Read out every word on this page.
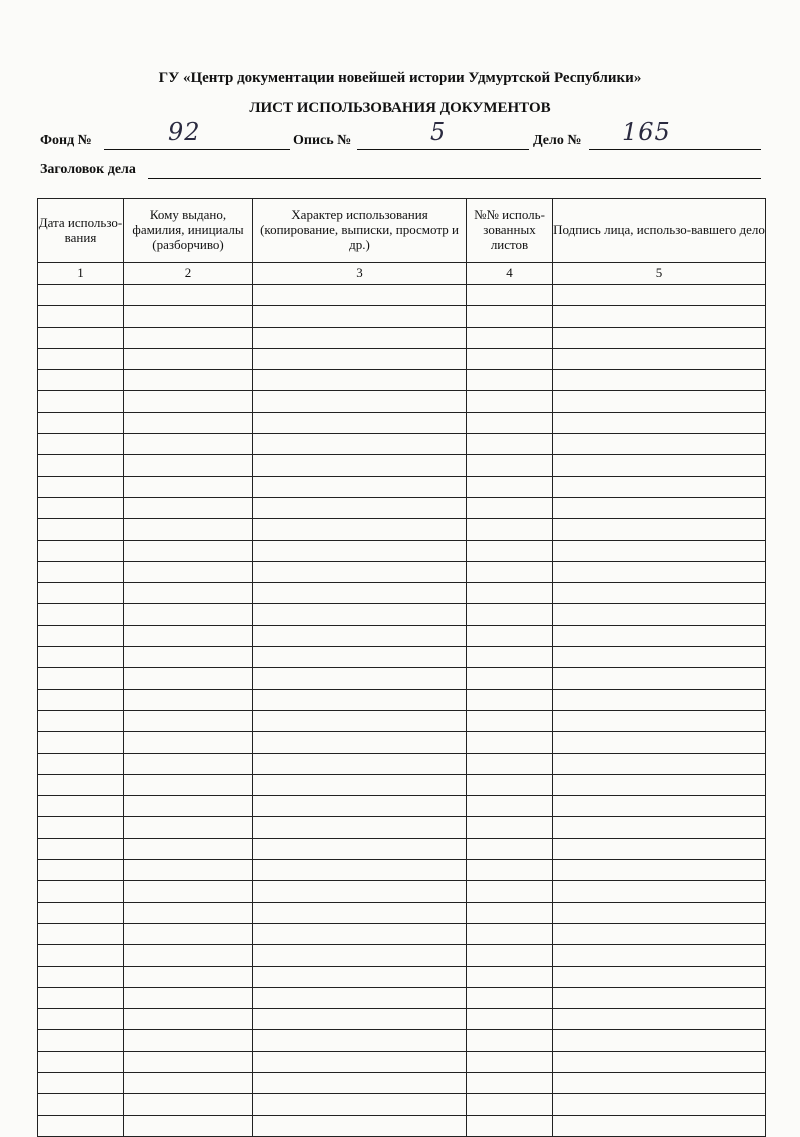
ГУ «Центр документации новейшей истории Удмуртской Республики»
ЛИСТ ИСПОЛЬЗОВАНИЯ ДОКУМЕНТОВ
Фонд №	92	Опись №	5	Дело № 165
Заголовок дела
Дата использо-вания	Кому выдано, фамилия, инициалы (разборчиво)	Характер использования (копирование, выписки, просмотр и др.)	№№ исполь-зованных листов	Подпись лица, использо-вавшего дело
1	2	3	4	5
